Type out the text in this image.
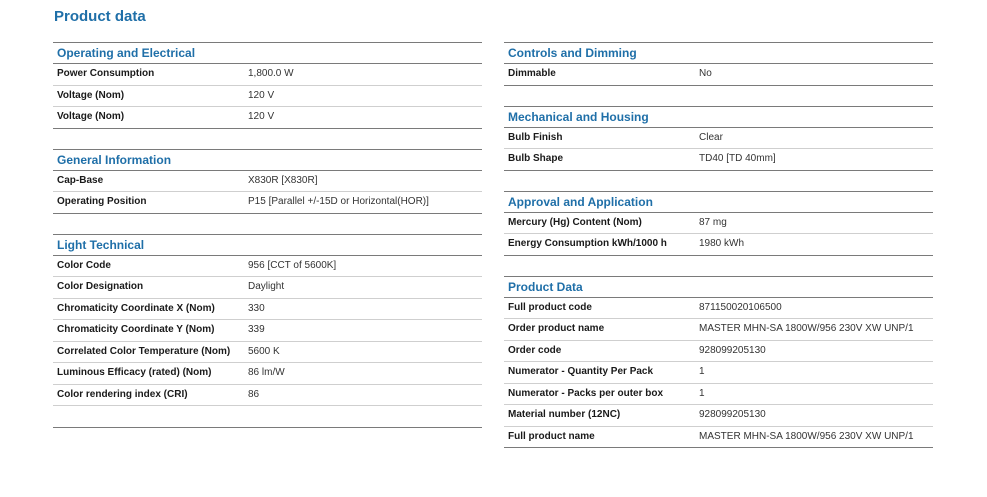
Product data
Operating and Electrical
Power Consumption	1,800.0 W
Voltage (Nom)	120 V
Voltage (Nom)	120 V
General Information
Cap-Base	X830R [X830R]
Operating Position	P15 [Parallel +/-15D or Horizontal(HOR)]
Light Technical
Color Code	956 [CCT of 5600K]
Color Designation	Daylight
Chromaticity Coordinate X (Nom)	330
Chromaticity Coordinate Y (Nom)	339
Correlated Color Temperature (Nom)	5600 K
Luminous Efficacy (rated) (Nom)	86 lm/W
Color rendering index (CRI)	86
Controls and Dimming
Dimmable	No
Mechanical and Housing
Bulb Finish	Clear
Bulb Shape	TD40 [TD 40mm]
Approval and Application
Mercury (Hg) Content (Nom)	87 mg
Energy Consumption kWh/1000 h	1980 kWh
Product Data
Full product code	871150020106500
Order product name	MASTER MHN-SA 1800W/956 230V XW UNP/1
Order code	928099205130
Numerator - Quantity Per Pack	1
Numerator - Packs per outer box	1
Material number (12NC)	928099205130
Full product name	MASTER MHN-SA 1800W/956 230V XW UNP/1
